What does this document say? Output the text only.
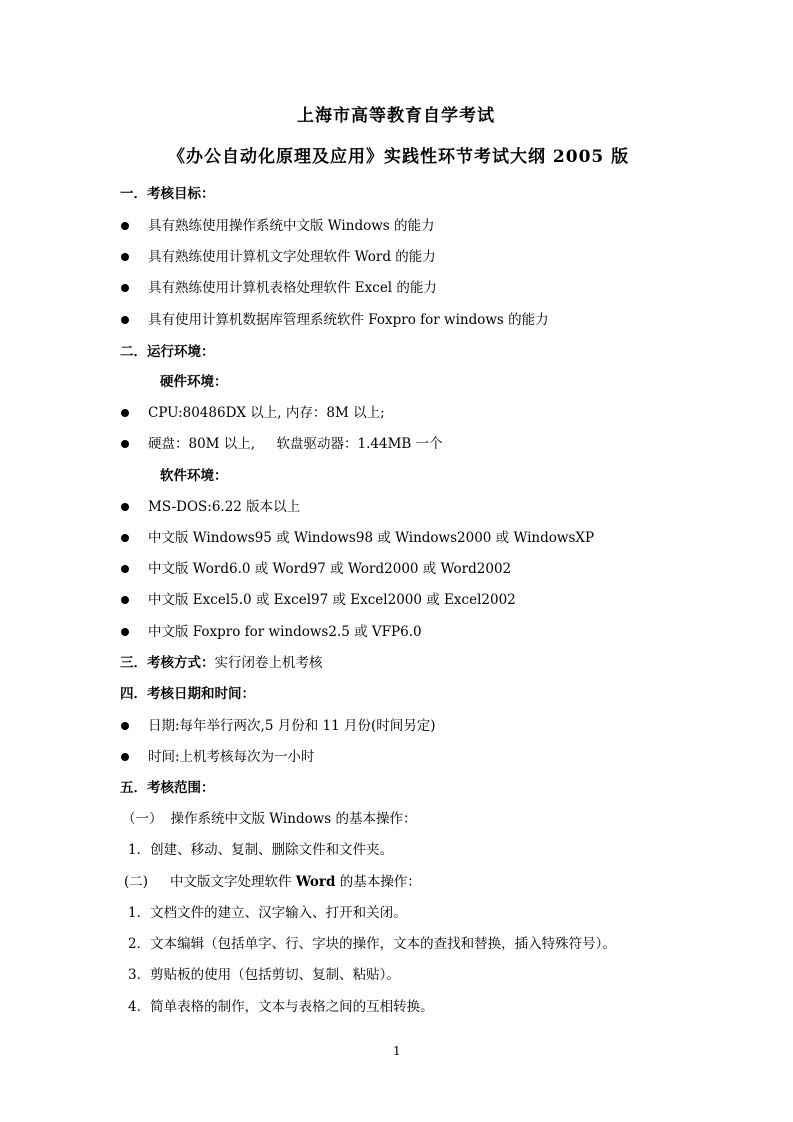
上海市高等教育自学考试
《办公自动化原理及应用》实践性环节考试大纲 2005 版
一．考核目标：
具有熟练使用操作系统中文版 Windows 的能力
具有熟练使用计算机文字处理软件 Word 的能力
具有熟练使用计算机表格处理软件 Excel 的能力
具有使用计算机数据库管理系统软件 Foxpro for windows 的能力
二．运行环境：
硬件环境：
CPU:80486DX 以上, 内存：8M 以上;
硬盘：80M 以上,     软盘驱动器：1.44MB 一个
软件环境：
MS-DOS:6.22 版本以上
中文版 Windows95 或 Windows98 或 Windows2000 或 WindowsXP
中文版 Word6.0 或 Word97 或 Word2000 或 Word2002
中文版 Excel5.0 或 Excel97 或 Excel2000 或 Excel2002
中文版 Foxpro for windows2.5 或 VFP6.0
三．考核方式：实行闭卷上机考核
四．考核日期和时间：
日期:每年举行两次,5 月份和 11 月份(时间另定)
时间:上机考核每次为一小时
五．考核范围：
（一） 操作系统中文版 Windows 的基本操作：
1．创建、移动、复制、删除文件和文件夹。
(二) 中文版文字处理软件 Word 的基本操作：
1．文档文件的建立、汉字输入、打开和关闭。
2．文本编辑（包括单字、行、字块的操作，文本的查找和替换，插入特殊符号）。
3．剪贴板的使用（包括剪切、复制、粘贴）。
4．简单表格的制作，文本与表格之间的互相转换。
1
